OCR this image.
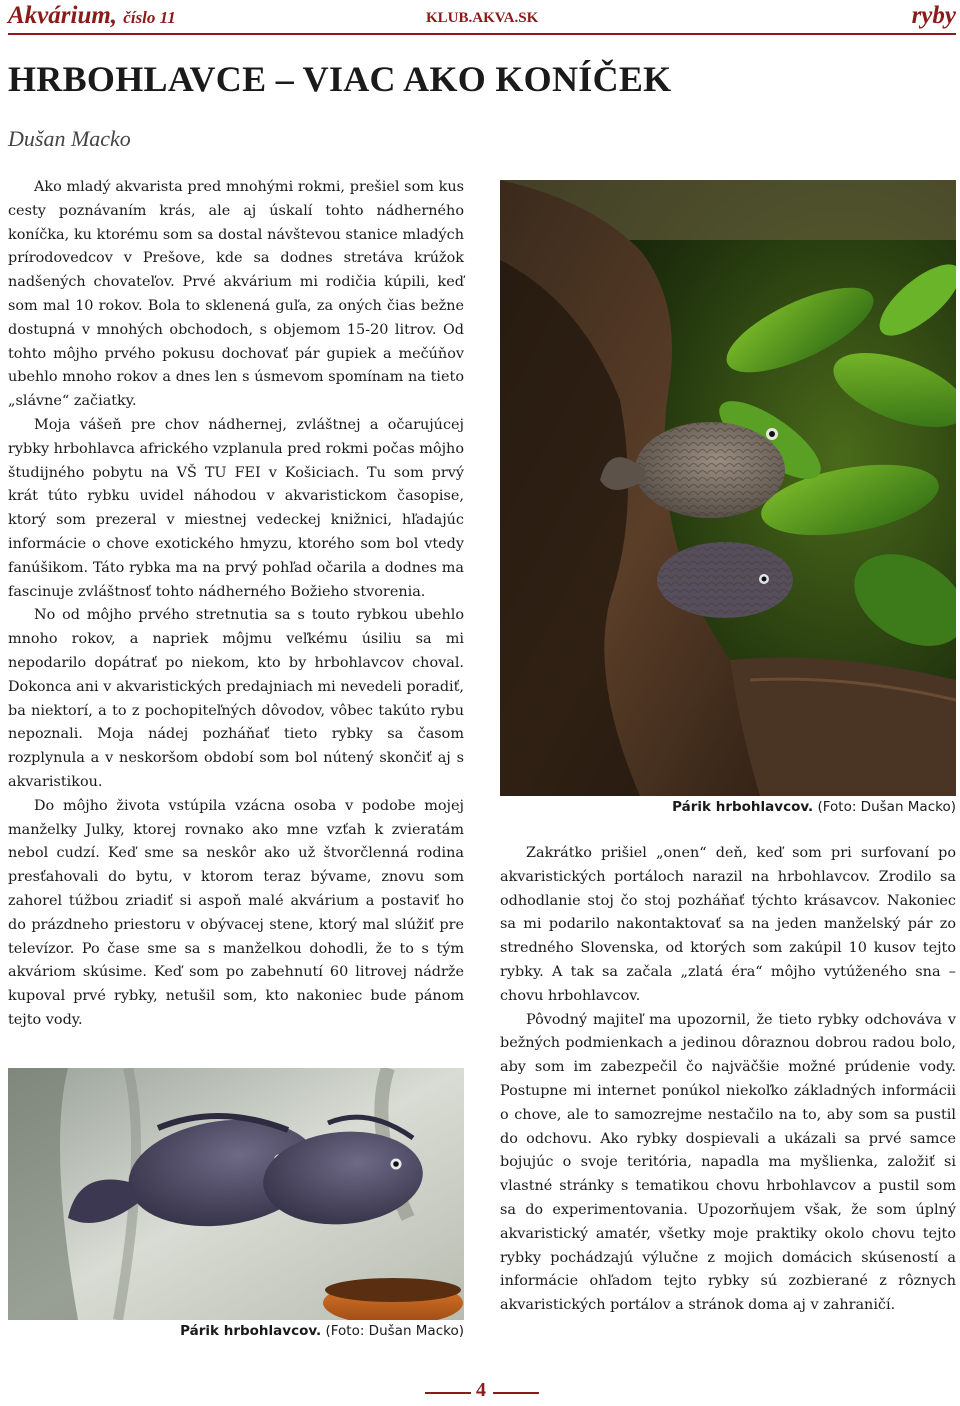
Akvárium, číslo 11	KLUB.AKVA.SK	ryby
HRBOHLAVCE – VIAC AKO KONÍČEK
Dušan Macko

Ako mladý akvarista pred mnohými rokmi, prešiel som kus cesty poznávaním krás, ale aj úskalí tohto nádherného koníčka, ku ktorému som sa dostal návštevou stanice mladých prírodovedcov v Prešove, kde sa dodnes stretáva krúžok nadšených chovateľov. Prvé akvárium mi rodičia kúpili, keď som mal 10 rokov. Bola to sklenená guľa, za oných čias bežne dostupná v mnohých obchodoch, s objemom 15-20 litrov. Od tohto môjho prvého pokusu dochovať pár gupiek a mečúňov ubehlo mnoho rokov a dnes len s úsmevom spomínam na tieto „slávne“ začiatky.

Moja vášeň pre chov nádhernej, zvláštnej a očarujúcej rybky hrbohlavca afrického vzplanula pred rokmi počas môjho študijného pobytu na VŠ TU FEI v Košiciach. Tu som prvý krát túto rybku uvidel náhodou v akvaristickom časopise, ktorý som prezeral v miestnej vedeckej knižnici, hľadajúc informácie o chove exotického hmyzu, ktorého som bol vtedy fanúšikom. Táto rybka ma na prvý pohľad očarila a dodnes ma fascinuje zvláštnosť tohto nádherného Božieho stvorenia.

No od môjho prvého stretnutia sa s touto rybkou ubehlo mnoho rokov, a napriek môjmu veľkému úsiliu sa mi nepodarilo dopátrať po niekom, kto by hrbohlavcov choval. Dokonca ani v akvaristických predajniach mi nevedeli poradiť, ba niektorí, a to z pochopiteľných dôvodov, vôbec takúto rybu nepoznali. Moja nádej pozháňať tieto rybky sa časom rozplynula a v neskoršom období som bol nútený skončiť aj s akvaristikou.

Do môjho života vstúpila vzácna osoba v podobe mojej manželky Julky, ktorej rovnako ako mne vzťah k zvieratám nebol cudzí. Keď sme sa neskôr ako už štvorčlenná rodina presťahovali do bytu, v ktorom teraz bývame, znovu som zahorel túžbou zriadiť si aspoň malé akvárium a postaviť ho do prázdneho priestoru v obývacej stene, ktorý mal slúžiť pre televízor. Po čase sme sa s manželkou dohodli, že to s tým akváriom skúsime. Keď som po zabehnutí 60 litrovej nádrže kupoval prvé rybky, netušil som, kto nakoniec bude pánom tejto vody.

Párik hrbohlavcov. (Foto: Dušan Macko)

Zakrátko prišiel „onen“ deň, keď som pri surfovaní po akvaristických portáloch narazil na hrbohlavcov. Zrodilo sa odhodlanie stoj čo stoj pozháňať týchto krásavcov. Nakoniec sa mi podarilo nakontaktovať sa na jeden manželský pár zo stredného Slovenska, od ktorých som zakúpil 10 kusov tejto rybky. A tak sa začala „zlatá éra“ môjho vytúženého sna – chovu hrbohlavcov.

Pôvodný majiteľ ma upozornil, že tieto rybky odchováva v bežných podmienkach a jedinou dôraznou dobrou radou bolo, aby som im zabezpečil čo najväčšie možné prúdenie vody. Postupne mi internet ponúkol niekoľko základných informácii o chove, ale to samozrejme nestačilo na to, aby som sa pustil do odchovu. Ako rybky dospievali a ukázali sa prvé samce bojujúc o svoje teritória, napadla ma myšlienka, založiť si vlastné stránky s tematikou chovu hrbohlavcov a pustil som sa do experimentovania. Upozorňujem však, že som úplný akvaristický amatér, všetky moje praktiky okolo chovu tejto rybky pochádzajú výlučne z mojich domácich skúseností a informácie ohľadom tejto rybky sú zozbierané z rôznych akvaristických portálov a stránok doma aj v zahraničí.

Párik hrbohlavcov. (Foto: Dušan Macko)
4
